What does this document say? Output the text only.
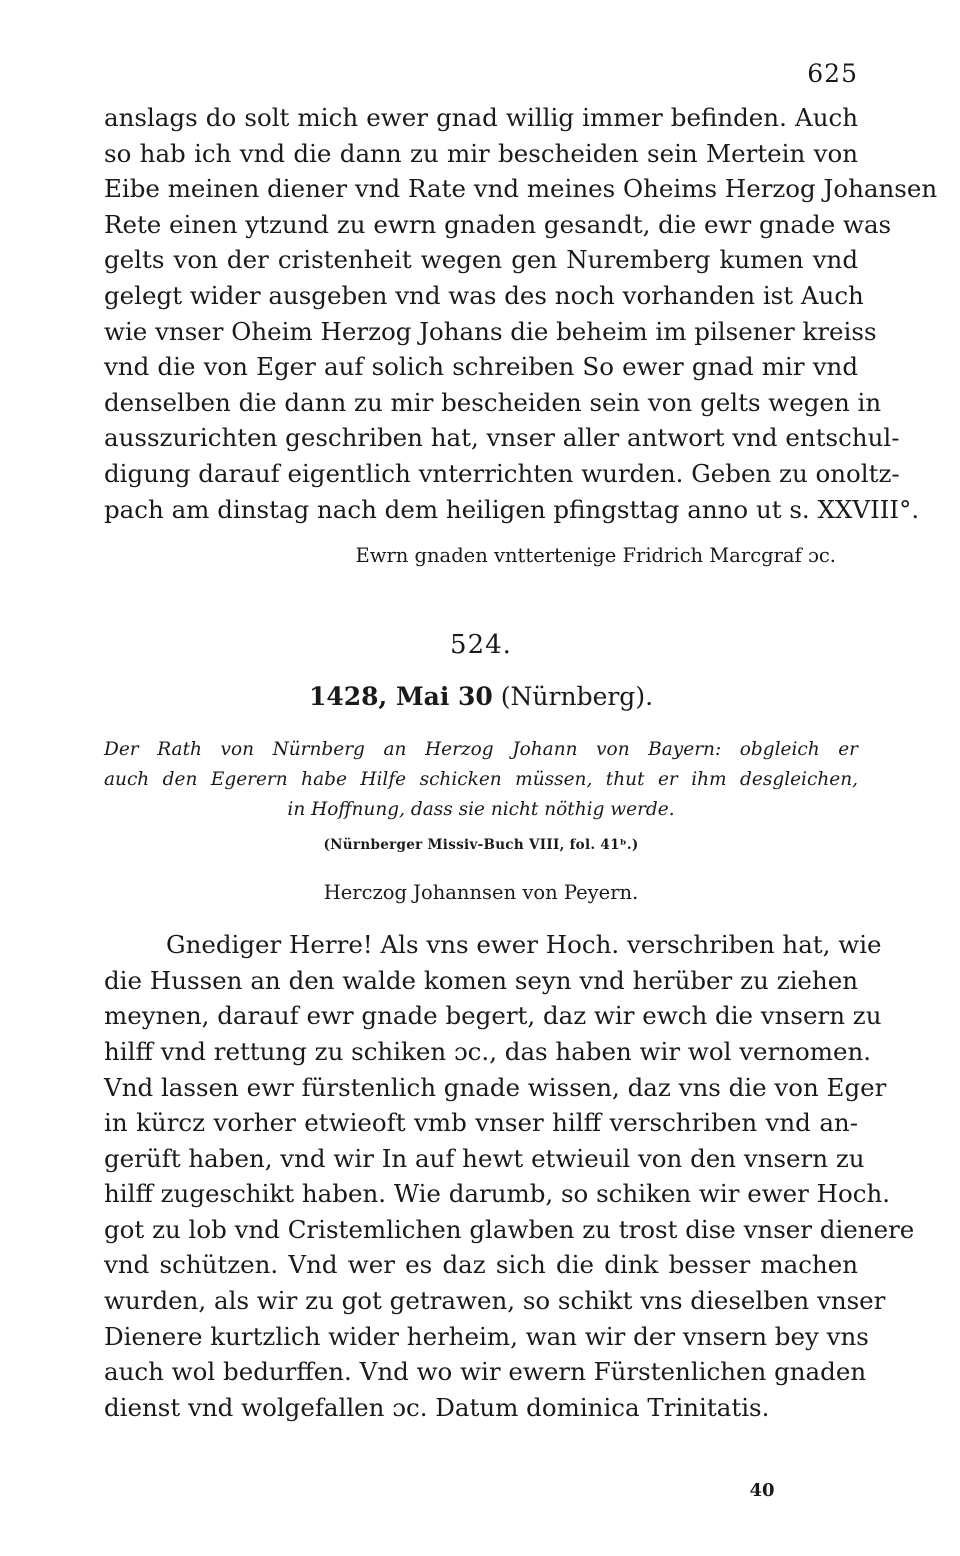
625

anslags do solt mich ewer gnad willig immer befinden. Auch
so hab ich vnd die dann zu mir bescheiden sein Mertein von
Eibe meinen diener vnd Rate vnd meines Oheims Herzog Johansen
Rete einen ytzund zu ewrn gnaden gesandt, die ewr gnade was
gelts von der cristenheit wegen gen Nuremberg kumen vnd
gelegt wider ausgeben vnd was des noch vorhanden ist Auch
wie vnser Oheim Herzog Johans die beheim im pilsener kreiss
vnd die von Eger auf solich schreiben So ewer gnad mir vnd
denselben die dann zu mir bescheiden sein von gelts wegen in
ausszurichten geschriben hat, vnser aller antwort vnd entschul-
digung darauf eigentlich vnterrichten wurden. Geben zu onoltz-
pach am dinstag nach dem heiligen pfingsttag anno ut s. XXVIII°.

Ewrn gnaden vnttertenige Fridrich Marcgraf ɔc.
524.
1428, Mai 30 (Nürnberg).
Der Rath von Nürnberg an Herzog Johann von Bayern: obgleich er
auch den Egerern habe Hilfe schicken müssen, thut er ihm desgleichen,
in Hoffnung, dass sie nicht nöthig werde.
(Nürnberger Missiv-Buch VIII, fol. 41ᵇ.)
Herczog Johannsen von Peyern.

Gnediger Herre! Als vns ewer Hoch. verschriben hat, wie
die Hussen an den walde komen seyn vnd herüber zu ziehen
meynen, darauf ewr gnade begert, daz wir ewch die vnsern zu
hilff vnd rettung zu schiken ɔc., das haben wir wol vernomen.
Vnd lassen ewr fürstenlich gnade wissen, daz vns die von Eger
in kürcz vorher etwieoft vmb vnser hilff verschriben vnd an-
gerüft haben, vnd wir In auf hewt etwieuil von den vnsern zu
hilff zugeschikt haben. Wie darumb, so schiken wir ewer Hoch.
got zu lob vnd Cristemlichen glawben zu trost dise vnser dienere
vnd schützen. Vnd wer es daz sich die dink besser machen
wurden, als wir zu got getrawen, so schikt vns dieselben vnser
Dienere kurtzlich wider herheim, wan wir der vnsern bey vns
auch wol bedurffen. Vnd wo wir ewern Fürstenlichen gnaden
dienst vnd wolgefallen ɔc. Datum dominica Trinitatis.

40
